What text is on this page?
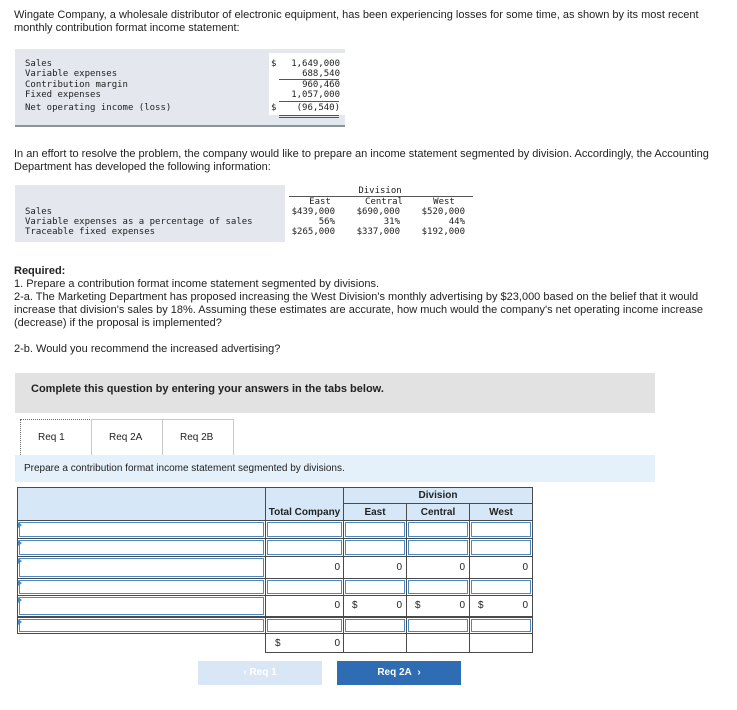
Wingate Company, a wholesale distributor of electronic equipment, has been experiencing losses for some time, as shown by its most recent monthly contribution format income statement:
Sales	$ 1,649,000
Variable expenses	688,540
Contribution margin	960,460
Fixed expenses	1,057,000
Net operating income (loss)	$ (96,540)
In an effort to resolve the problem, the company would like to prepare an income statement segmented by division. Accordingly, the Accounting Department has developed the following information:
Division
East	Central	West
Sales	$439,000	$690,000	$520,000
Variable expenses as a percentage of sales	56%	31%	44%
Traceable fixed expenses	$265,000	$337,000	$192,000

Required:

1. Prepare a contribution format income statement segmented by divisions.

2-a. The Marketing Department has proposed increasing the West Division's monthly advertising by $23,000 based on the belief that it would increase that division's sales by 18%. Assuming these estimates are accurate, how much would the company's net operating income increase (decrease) if the proposal is implemented?

2-b. Would you recommend the increased advertising?

Complete this question by entering your answers in the tabs below.
Req 1	Req 2A	Req 2B
Prepare a contribution format income statement segmented by divisions.
Division
Total Company	East	Central	West
0	0	0	0
0 $	0 $	0 $	0
$	0
‹ Req 1	Req 2A  ›
